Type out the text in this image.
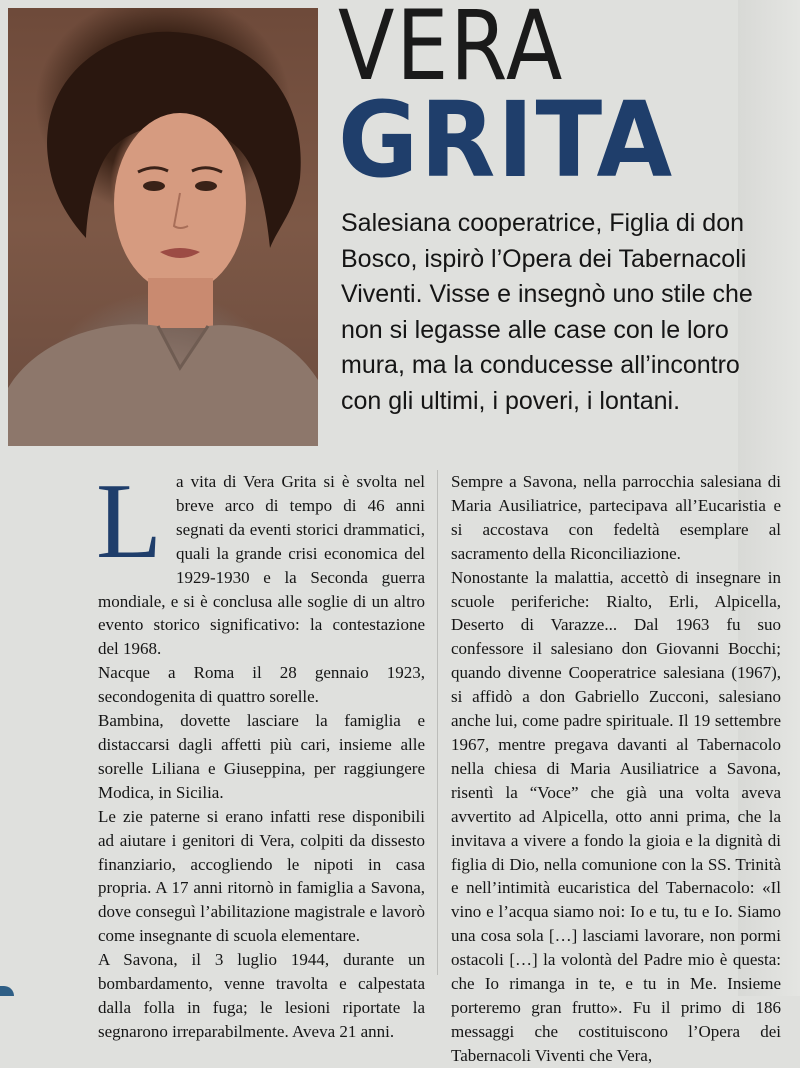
VERA
GRITA

Salesiana cooperatrice, Figlia di don Bosco, ispirò l’Opera dei Tabernacoli Viventi. Visse e insegnò uno stile che non si legasse alle case con le loro mura, ma la conducesse all’incontro con gli ultimi, i poveri, i lontani.

La vita di Vera Grita si è svolta nel breve arco di tempo di 46 anni segnati da eventi storici drammatici, quali la grande crisi economica del 1929-1930 e la Seconda guerra mondiale, e si è conclusa alle soglie di un altro evento storico significativo: la contestazione del 1968.

Nacque a Roma il 28 gennaio 1923, secondogenita di quattro sorelle.

Bambina, dovette lasciare la famiglia e distaccarsi dagli affetti più cari, insieme alle sorelle Liliana e Giuseppina, per raggiungere Modica, in Sicilia.

Le zie paterne si erano infatti rese disponibili ad aiutare i genitori di Vera, colpiti da dissesto finanziario, accogliendo le nipoti in casa propria. A 17 anni ritornò in famiglia a Savona, dove conseguì l’abilitazione magistrale e lavorò come insegnante di scuola elementare.

A Savona, il 3 luglio 1944, durante un bombardamento, venne travolta e calpestata dalla folla in fuga; le lesioni riportate la segnarono irreparabilmente. Aveva 21 anni.

Sempre a Savona, nella parrocchia salesiana di Maria Ausiliatrice, partecipava all’Eucaristia e si accostava con fedeltà esemplare al sacramento della Riconciliazione.

Nonostante la malattia, accettò di insegnare in scuole periferiche: Rialto, Erli, Alpicella, Deserto di Varazze... Dal 1963 fu suo confessore il salesiano don Giovanni Bocchi; quando divenne Cooperatrice salesiana (1967), si affidò a don Gabriello Zucconi, salesiano anche lui, come padre spirituale. Il 19 settembre 1967, mentre pregava davanti al Tabernacolo nella chiesa di Maria Ausiliatrice a Savona, risentì la “Voce” che già una volta aveva avvertito ad Alpicella, otto anni prima, che la invitava a vivere a fondo la gioia e la dignità di figlia di Dio, nella comunione con la SS. Trinità e nell’intimità eucaristica del Tabernacolo: «Il vino e l’acqua siamo noi: Io e tu, tu e Io. Siamo una cosa sola […] lasciami lavorare, non pormi ostacoli […] la volontà del Padre mio è questa: che Io rimanga in te, e tu in Me. Insieme porteremo gran frutto». Fu il primo di 186 messaggi che costituiscono l’Opera dei Tabernacoli Viventi che Vera,
